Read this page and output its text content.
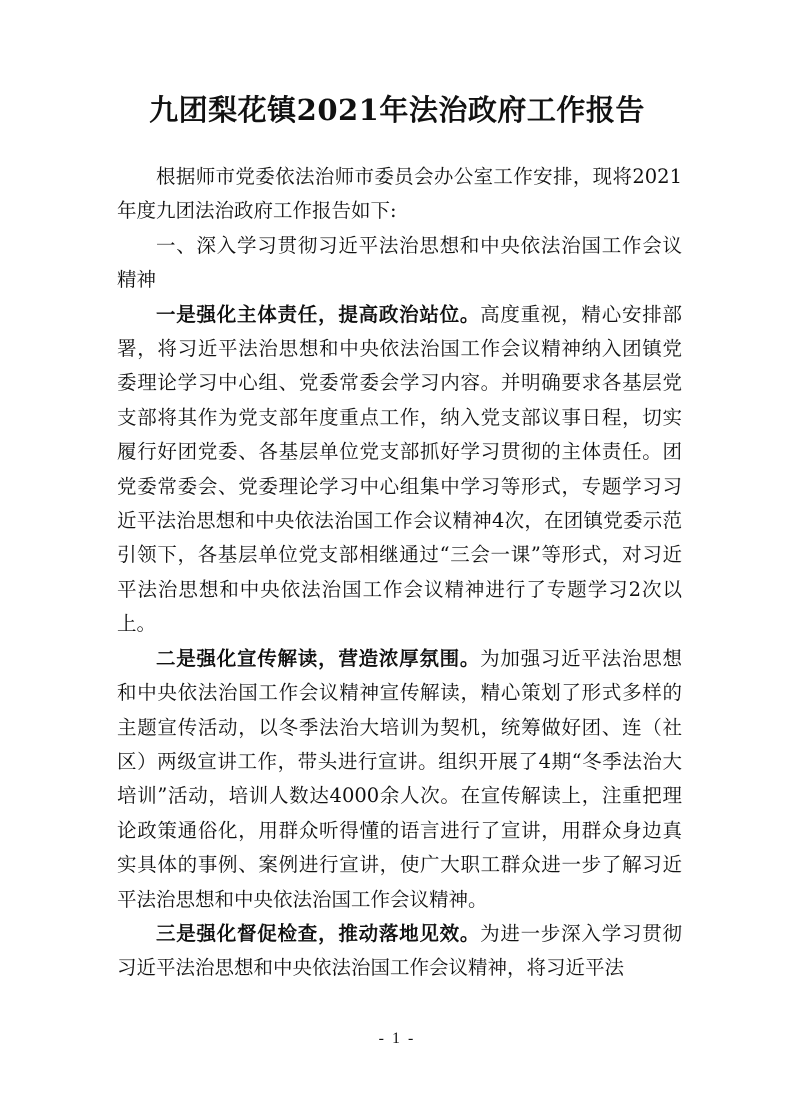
九团梨花镇2021年法治政府工作报告

根据师市党委依法治师市委员会办公室工作安排，现将2021年度九团法治政府工作报告如下:

一、深入学习贯彻习近平法治思想和中央依法治国工作会议精神

一是强化主体责任，提高政治站位。高度重视，精心安排部署，将习近平法治思想和中央依法治国工作会议精神纳入团镇党委理论学习中心组、党委常委会学习内容。并明确要求各基层党支部将其作为党支部年度重点工作，纳入党支部议事日程，切实履行好团党委、各基层单位党支部抓好学习贯彻的主体责任。团党委常委会、党委理论学习中心组集中学习等形式，专题学习习近平法治思想和中央依法治国工作会议精神4次，在团镇党委示范引领下，各基层单位党支部相继通过“三会一课”等形式，对习近平法治思想和中央依法治国工作会议精神进行了专题学习2次以上。

二是强化宣传解读，营造浓厚氛围。为加强习近平法治思想和中央依法治国工作会议精神宣传解读，精心策划了形式多样的主题宣传活动，以冬季法治大培训为契机，统筹做好团、连（社区）两级宣讲工作，带头进行宣讲。组织开展了4期“冬季法治大培训”活动，培训人数达4000余人次。在宣传解读上，注重把理论政策通俗化，用群众听得懂的语言进行了宣讲，用群众身边真实具体的事例、案例进行宣讲，使广大职工群众进一步了解习近平法治思想和中央依法治国工作会议精神。

三是强化督促检查，推动落地见效。为进一步深入学习贯彻习近平法治思想和中央依法治国工作会议精神，将习近平法

- 1 -
